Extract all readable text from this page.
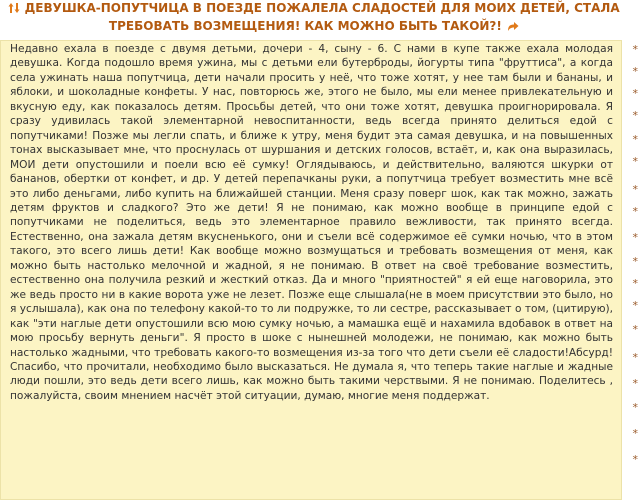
ДЕВУШКА-ПОПУТЧИЦА В ПОЕЗДЕ ПОЖАЛЕЛА СЛАДОСТЕЙ ДЛЯ МОИХ ДЕТЕЙ, СТАЛА
ТРЕБОВАТЬ ВОЗМЕЩЕНИЯ! КАК МОЖНО БЫТЬ ТАКОЙ?!

Недавно ехала в поезде с двумя детьми, дочери - 4, сыну - 6. С нами в купе также ехала молодая девушка. Когда подошло время ужина, мы с детьми ели бутерброды, йогурты типа "фруттиса", а когда села ужинать наша попутчица, дети начали просить у неё, что тоже хотят, у нее там были и бананы, и яблоки, и шоколадные конфеты. У нас, повторюсь же, этого не было, мы ели менее привлекательную и вкусную еду, как показалось детям. Просьбы детей, что они тоже хотят, девушка проигнорировала. Я сразу удивилась такой элементарной невоспитанности, ведь всегда принято делиться едой с попутчиками! Позже мы легли спать, и ближе к утру, меня будит эта самая девушка, и на повышенных тонах высказывает мне, что проснулась от шуршания и детских голосов, встаёт, и, как она выразилась, МОИ дети опустошили и поели всю её сумку! Оглядываюсь, и действительно, валяются шкурки от бананов, обертки от конфет, и др. У детей перепачканы руки, а попутчица требует возместить мне всё это либо деньгами, либо купить на ближайшей станции. Меня сразу поверг шок, как так можно, зажать детям фруктов и сладкого? Это же дети! Я не понимаю, как можно вообще в принципе едой с попутчиками не поделиться, ведь это элементарное правило вежливости, так принято всегда. Естественно, она зажала детям вкусненького, они и съели всё содержимое её сумки ночью, что в этом такого, это всего лишь дети! Как вообще можно возмущаться и требовать возмещения от меня, как можно быть настолько мелочной и жадной, я не понимаю. В ответ на своё требование возместить, естественно она получила резкий и жесткий отказ. Да и много "приятностей" я ей еще наговорила, это же ведь просто ни в какие ворота уже не лезет. Позже еще слышала(не в моем присутствии это было, но я услышала), как она по телефону какой-то то ли подружке, то ли сестре, рассказывает о том, (цитирую), как "эти наглые дети опустошили всю мою сумку ночью, а мамашка ещё и нахамила вдобавок в ответ на мою просьбу вернуть деньги". Я просто в шоке с нынешней молодежи, не понимаю, как можно быть настолько жадными, что требовать какого-то возмещения из-за того что дети съели её сладости!Абсурд! Спасибо, что прочитали, необходимо было высказаться. Не думала я, что теперь такие наглые и жадные люди пошли, это ведь дети всего лишь, как можно быть такими черствыми. Я не понимаю. Поделитесь , пожалуйста, своим мнением насчёт этой ситуации, думаю, многие меня поддержат.

*
*
*
*
*
*
*
*
*
*
*
*
*
*
*
*
*
*
